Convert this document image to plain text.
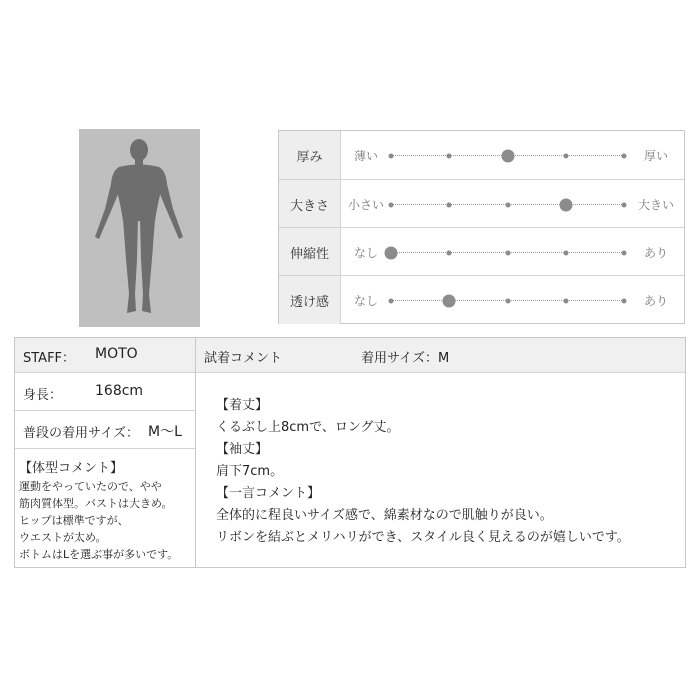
厚み	薄い	厚い
大きさ	小さい	大きい
伸縮性	なし	あり
透け感	なし	あり
STAFF： MOTO	試着コメント	着用サイズ：M
身長： 168cm
普段の着用サイズ： M〜L
【体型コメント】
運動をやっていたので、やや
筋肉質体型。バストは大きめ。
ヒップは標準ですが、
ウエストが太め。
ボトムはLを選ぶ事が多いです。
【着丈】
くるぶし上8cmで、ロング丈。
【袖丈】
肩下7cm。
【一言コメント】
全体的に程良いサイズ感で、綿素材なので肌触りが良い。
リボンを結ぶとメリハリができ、スタイル良く見えるのが嬉しいです。
